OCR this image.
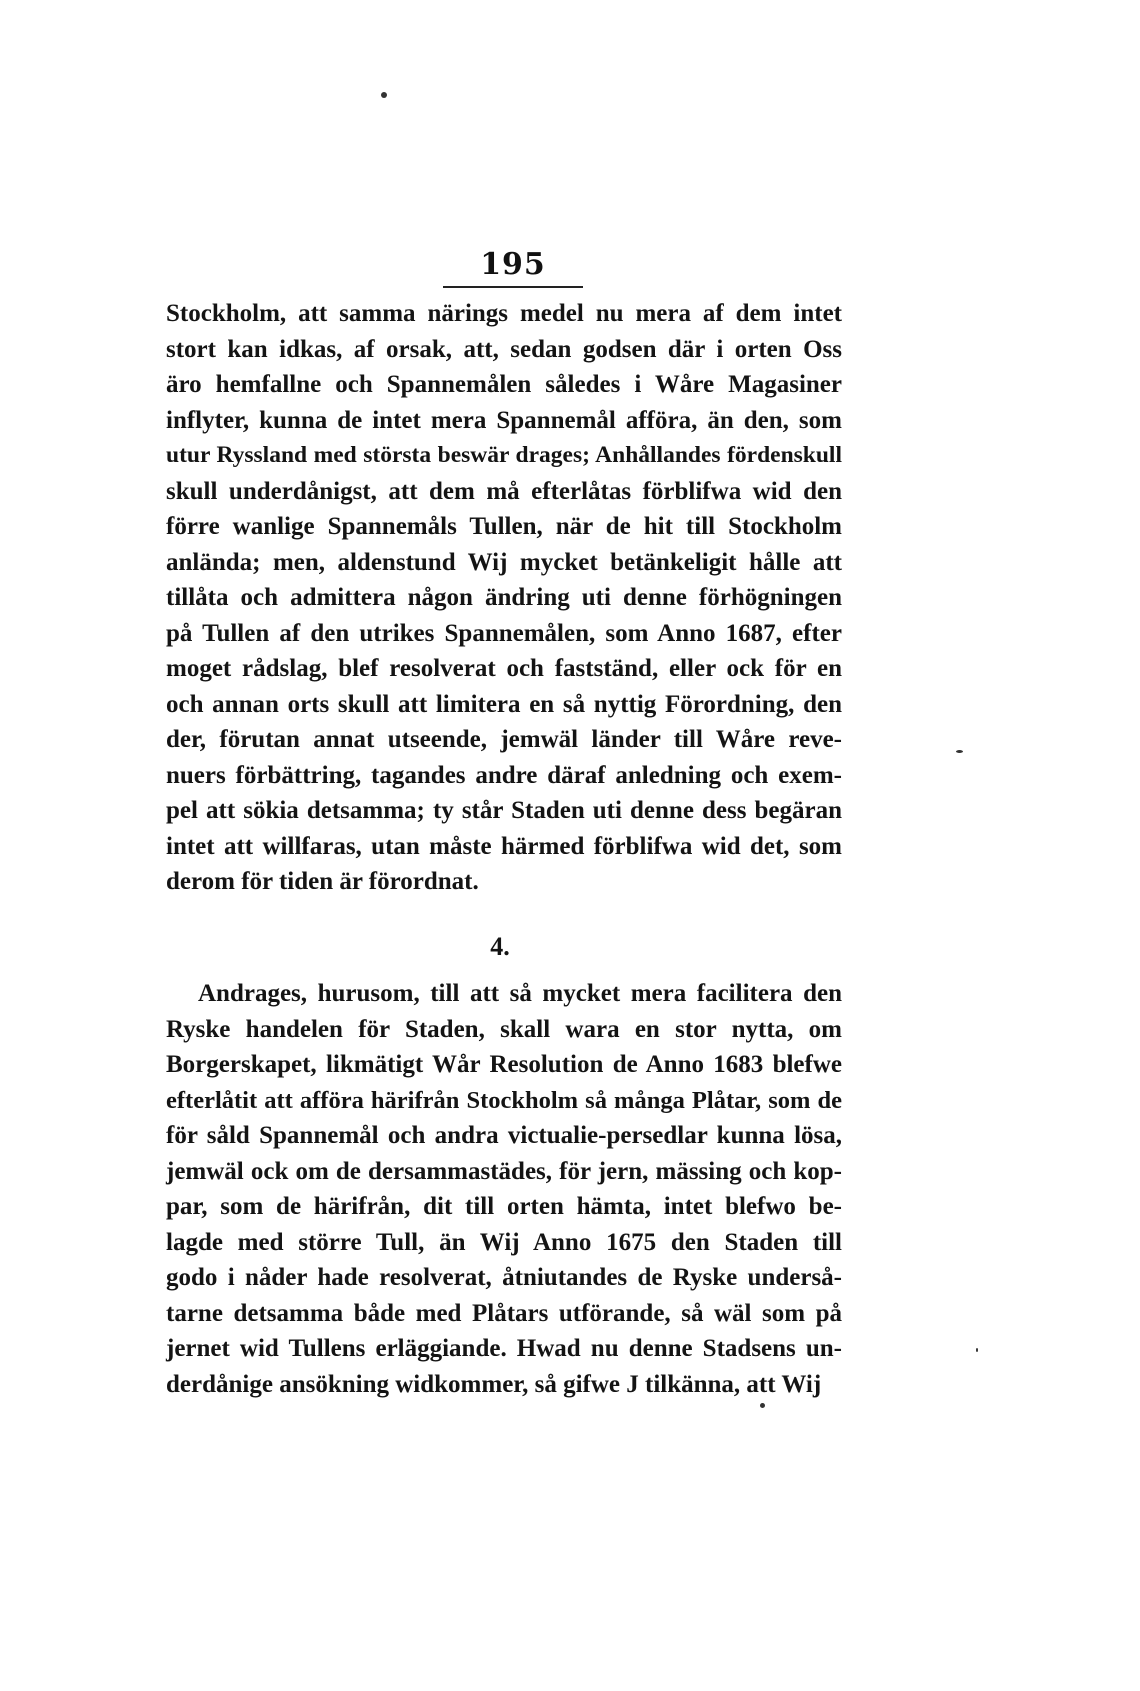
195
Stockholm, att samma närings medel nu mera af dem intet
stort kan idkas, af orsak, att, sedan godsen där i orten Oss
äro hemfallne och Spannemålen således i Wåre Magasiner
inflyter, kunna de intet mera Spannemål afföra, än den, som
utur Ryssland med största beswär drages; Anhållandes fördenskull
skull underdånigst, att dem må efterlåtas förblifwa wid den
förre wanlige Spannemåls Tullen, när de hit till Stockholm
anlända; men, aldenstund Wij mycket betänkeligit hålle att
tillåta och admittera någon ändring uti denne förhögningen
på Tullen af den utrikes Spannemålen, som Anno 1687, efter
moget rådslag, blef resolverat och fastständ, eller ock för en
och annan orts skull att limitera en så nyttig Förordning, den
der, förutan annat utseende, jemwäl länder till Wåre reve-
nuers förbättring, tagandes andre däraf anledning och exem-
pel att sökia detsamma; ty står Staden uti denne dess begäran
intet att willfaras, utan måste härmed förblifwa wid det, som
derom för tiden är förordnat.
4.
Andrages, hurusom, till att så mycket mera facilitera den
Ryske handelen för Staden, skall wara en stor nytta, om
Borgerskapet, likmätigt Wår Resolution de Anno 1683 blefwe
efterlåtit att afföra härifrån Stockholm så många Plåtar, som de
för såld Spannemål och andra victualie-persedlar kunna lösa,
jemwäl ock om de dersammastädes, för jern, mässing och kop-
par, som de härifrån, dit till orten hämta, intet blefwo be-
lagde med större Tull, än Wij Anno 1675 den Staden till
godo i nåder hade resolverat, åtniutandes de Ryske underså-
tarne detsamma både med Plåtars utförande, så wäl som på
jernet wid Tullens erläggiande. Hwad nu denne Stadsens un-
derdånige ansökning widkommer, så gifwe J tilkänna, att Wij
